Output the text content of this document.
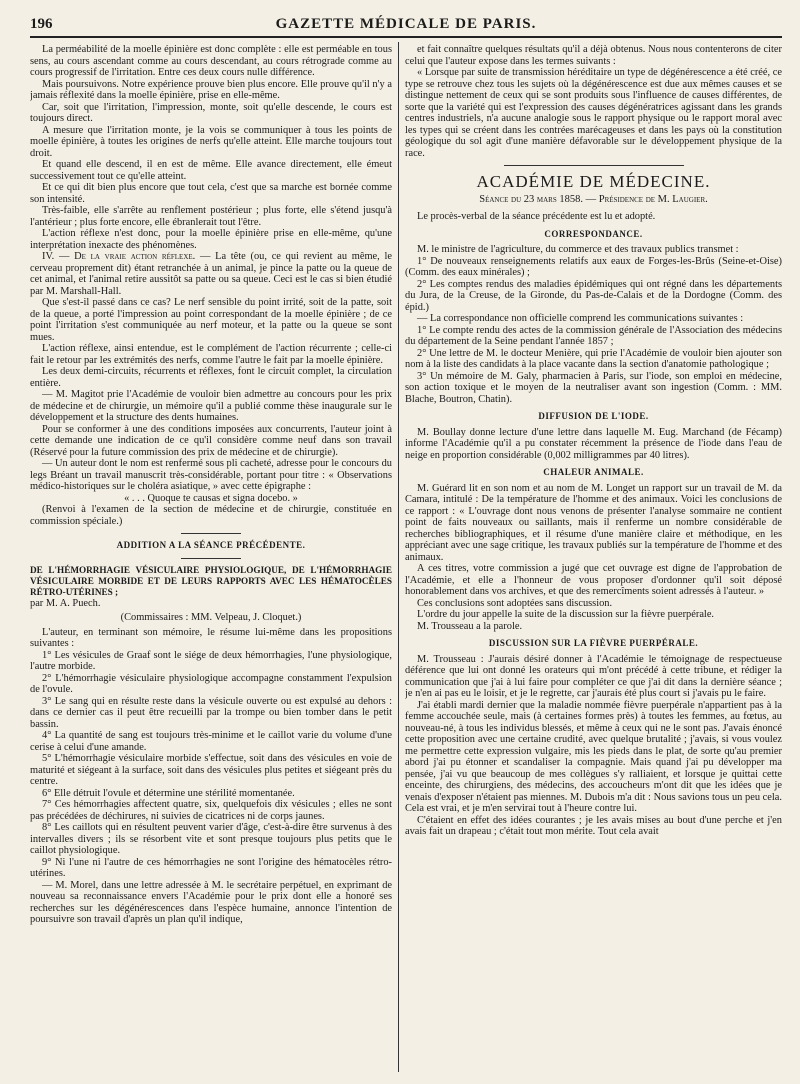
196	GAZETTE MÉDICALE DE PARIS.

La perméabilité de la moelle épinière est donc complète : elle est perméable en tous sens, au cours ascendant comme au cours descendant, au cours rétrograde comme au cours progressif de l'irritation. Entre ces deux cours nulle différence.

Mais poursuivons. Notre expérience prouve bien plus encore. Elle prouve qu'il n'y a jamais réflexité dans la moelle épinière, prise en elle-même.

Car, soit que l'irritation, l'impression, monte, soit qu'elle descende, le cours est toujours direct.

A mesure que l'irritation monte, je la vois se communiquer à tous les points de moelle épinière, à toutes les origines de nerfs qu'elle atteint. Elle marche toujours tout droit.

Et quand elle descend, il en est de même. Elle avance directement, elle émeut successivement tout ce qu'elle atteint.

Et ce qui dit bien plus encore que tout cela, c'est que sa marche est bornée comme son intensité.

Très-faible, elle s'arrête au renflement postérieur ; plus forte, elle s'étend jusqu'à l'antérieur ; plus forte encore, elle ébranlerait tout l'être.

L'action réflexe n'est donc, pour la moelle épinière prise en elle-même, qu'une interprétation inexacte des phénomènes.

IV. — De la vraie action réflexe. — La tête (ou, ce qui revient au même, le cerveau proprement dit) étant retranchée à un animal, je pince la patte ou la queue de cet animal, et l'animal retire aussitôt sa patte ou sa queue. Ceci est le cas si bien étudié par M. Marshall-Hall.

Que s'est-il passé dans ce cas? Le nerf sensible du point irrité, soit de la patte, soit de la queue, a porté l'impression au point correspondant de la moelle épinière ; de ce point l'irritation s'est communiquée au nerf moteur, et la patte ou la queue se sont mues.

L'action réflexe, ainsi entendue, est le complément de l'action récurrente ; celle-ci fait le retour par les extrémités des nerfs, comme l'autre le fait par la moelle épinière.

Les deux demi-circuits, récurrents et réflexes, font le circuit complet, la circulation entière.

— M. Magitot prie l'Académie de vouloir bien admettre au concours pour les prix de médecine et de chirurgie, un mémoire qu'il a publié comme thèse inaugurale sur le développement et la structure des dents humaines.

Pour se conformer à une des conditions imposées aux concurrents, l'auteur joint à cette demande une indication de ce qu'il considère comme neuf dans son travail (Réservé pour la future commission des prix de médecine et de chirurgie).

— Un auteur dont le nom est renfermé sous pli cacheté, adresse pour le concours du legs Bréant un travail manuscrit très-considérable, portant pour titre : « Observations médico-historiques sur le choléra asiatique, » avec cette épigraphe :

« . . . Quoque te causas et signa docebo. »

(Renvoi à l'examen de la section de médecine et de chirurgie, constituée en commission spéciale.)

ADDITION A LA SÉANCE PRÉCÉDENTE.

DE L'HÉMORRHAGIE VÉSICULAIRE PHYSIOLOGIQUE, DE L'HÉMORRHAGIE VÉSICULAIRE MORBIDE ET DE LEURS RAPPORTS AVEC LES HÉMATOCÈLES RÉTRO-UTÉRINES ;

par M. A. Puech.

(Commissaires : MM. Velpeau, J. Cloquet.)

L'auteur, en terminant son mémoire, le résume lui-même dans les propositions suivantes :

1° Les vésicules de Graaf sont le siége de deux hémorrhagies, l'une physiologique, l'autre morbide.

2° L'hémorrhagie vésiculaire physiologique accompagne constamment l'expulsion de l'ovule.

3° Le sang qui en résulte reste dans la vésicule ouverte ou est expulsé au dehors : dans ce dernier cas il peut être recueilli par la trompe ou bien tomber dans le petit bassin.

4° La quantité de sang est toujours très-minime et le caillot varie du volume d'une cerise à celui d'une amande.

5° L'hémorrhagie vésiculaire morbide s'effectue, soit dans des vésicules en voie de maturité et siégeant à la surface, soit dans des vésicules plus petites et siégeant près du centre.

6° Elle détruit l'ovule et détermine une stérilité momentanée.

7° Ces hémorrhagies affectent quatre, six, quelquefois dix vésicules ; elles ne sont pas précédées de déchirures, ni suivies de cicatrices ni de corps jaunes.

8° Les caillots qui en résultent peuvent varier d'âge, c'est-à-dire être survenus à des intervalles divers ; ils se résorbent vite et sont presque toujours plus petits que le caillot physiologique.

9° Ni l'une ni l'autre de ces hémorrhagies ne sont l'origine des hématocèles rétro-utérines.

— M. Morel, dans une lettre adressée à M. le secrétaire perpétuel, en exprimant de nouveau sa reconnaissance envers l'Académie pour le prix dont elle a honoré ses recherches sur les dégénérescences dans l'espèce humaine, annonce l'intention de poursuivre son travail d'après un plan qu'il indique,

et fait connaître quelques résultats qu'il a déjà obtenus. Nous nous contenterons de citer celui que l'auteur expose dans les termes suivants :

« Lorsque par suite de transmission héréditaire un type de dégénérescence a été créé, ce type se retrouve chez tous les sujets où la dégénérescence est due aux mêmes causes et se distingue nettement de ceux qui se sont produits sous l'influence de causes différentes, de sorte que la variété qui est l'expression des causes dégénératrices agissant dans les grands centres industriels, n'a aucune analogie sous le rapport physique ou le rapport moral avec les types qui se créent dans les contrées marécageuses et dans les pays où la constitution géologique du sol agit d'une manière défavorable sur le développement physique de la race.

ACADÉMIE DE MÉDECINE.

Séance du 23 mars 1858. — Présidence de M. Laugier.

Le procès-verbal de la séance précédente est lu et adopté.

CORRESPONDANCE.

M. le ministre de l'agriculture, du commerce et des travaux publics transmet :

1° De nouveaux renseignements relatifs aux eaux de Forges-les-Brûs (Seine-et-Oise) (Comm. des eaux minérales) ;

2° Les comptes rendus des maladies épidémiques qui ont régné dans les départements du Jura, de la Creuse, de la Gironde, du Pas-de-Calais et de la Dordogne (Comm. des épid.)

— La correspondance non officielle comprend les communications suivantes :

1° Le compte rendu des actes de la commission générale de l'Association des médecins du département de la Seine pendant l'année 1857 ;

2° Une lettre de M. le docteur Menière, qui prie l'Académie de vouloir bien ajouter son nom à la liste des candidats à la place vacante dans la section d'anatomie pathologique ;

3° Un mémoire de M. Galy, pharmacien à Paris, sur l'iode, son emploi en médecine, son action toxique et le moyen de la neutraliser avant son ingestion (Comm. : MM. Blache, Boutron, Chatin).

DIFFUSION DE L'IODE.

M. Boullay donne lecture d'une lettre dans laquelle M. Eug. Marchand (de Fécamp) informe l'Académie qu'il a pu constater récemment la présence de l'iode dans l'eau de neige en proportion considérable (0,002 milligrammes par 40 litres).

CHALEUR ANIMALE.

M. Guérard lit en son nom et au nom de M. Longet un rapport sur un travail de M. da Camara, intitulé : De la température de l'homme et des animaux. Voici les conclusions de ce rapport : « L'ouvrage dont nous venons de présenter l'analyse sommaire ne contient point de faits nouveaux ou saillants, mais il renferme un nombre considérable de recherches bibliographiques, et il résume d'une manière claire et méthodique, en les appréciant avec une sage critique, les travaux publiés sur la température de l'homme et des animaux.

A ces titres, votre commission a jugé que cet ouvrage est digne de l'approbation de l'Académie, et elle a l'honneur de vous proposer d'ordonner qu'il soit déposé honorablement dans vos archives, et que des remercîments soient adressés à l'auteur. »

Ces conclusions sont adoptées sans discussion.

L'ordre du jour appelle la suite de la discussion sur la fièvre puerpérale.

M. Trousseau a la parole.

DISCUSSION SUR LA FIÈVRE PUERPÉRALE.

M. Trousseau : J'aurais désiré donner à l'Académie le témoignage de respectueuse déférence que lui ont donné les orateurs qui m'ont précédé à cette tribune, et rédiger la communication que j'ai à lui faire pour compléter ce que j'ai dit dans la dernière séance ; je n'en ai pas eu le loisir, et je le regrette, car j'aurais été plus court si j'avais pu le faire.

J'ai établi mardi dernier que la maladie nommée fièvre puerpérale n'appartient pas à la femme accouchée seule, mais (à certaines formes près) à toutes les femmes, au fœtus, au nouveau-né, à tous les individus blessés, et même à ceux qui ne le sont pas. J'avais énoncé cette proposition avec une certaine crudité, avec quelque brutalité ; j'avais, si vous voulez me permettre cette expression vulgaire, mis les pieds dans le plat, de sorte qu'au premier abord j'ai pu étonner et scandaliser la compagnie. Mais quand j'ai pu développer ma pensée, j'ai vu que beaucoup de mes collègues s'y ralliaient, et lorsque je quittai cette enceinte, des chirurgiens, des médecins, des accoucheurs m'ont dit que les idées que je venais d'exposer n'étaient pas miennes. M. Dubois m'a dit : Nous savions tous un peu cela. Cela est vrai, et je m'en servirai tout à l'heure contre lui.

C'étaient en effet des idées courantes ; je les avais mises au bout d'une perche et j'en avais fait un drapeau ; c'était tout mon mérite. Tout cela avait
